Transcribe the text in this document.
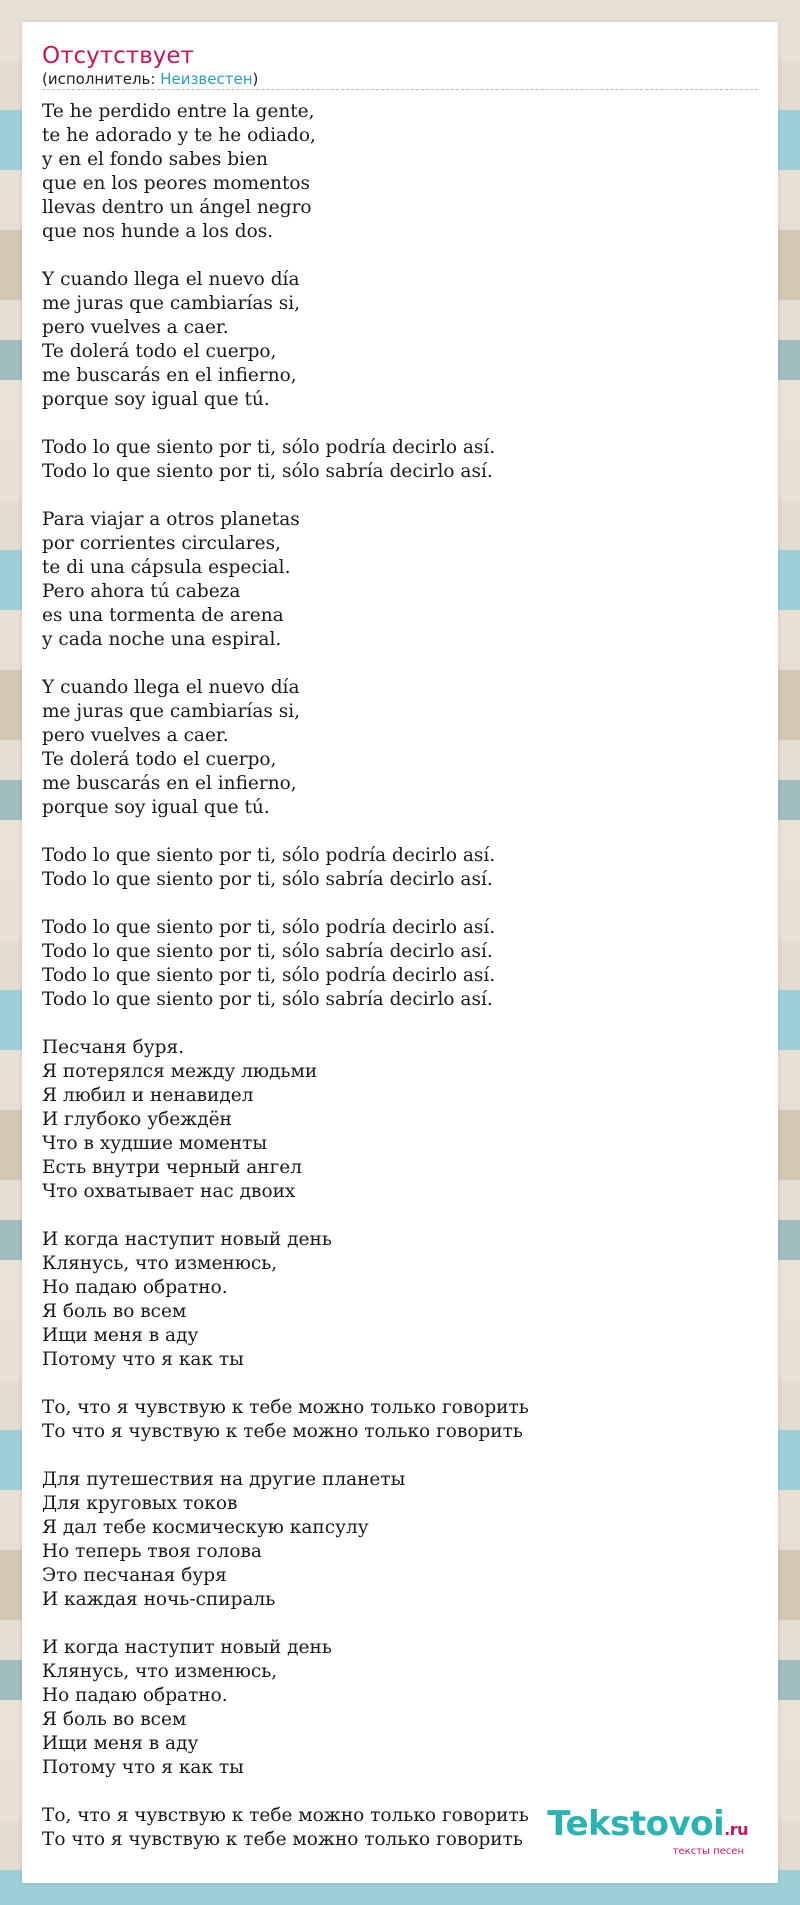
Отсутствует
(исполнитель: Неизвестен)
Te he perdido entre la gente,
te he adorado y te he odiado,
y en el fondo sabes bien
que en los peores momentos
llevas dentro un ángel negro
que nos hunde a los dos.
Y cuando llega el nuevo día
me juras que cambiarías si,
pero vuelves a caer.
Te dolerá todo el cuerpo,
me buscarás en el infierno,
porque soy igual que tú.
Todo lo que siento por ti, sólo podría decirlo así.
Todo lo que siento por ti, sólo sabría decirlo así.
Para viajar a otros planetas
por corrientes circulares,
te di una cápsula especial.
Pero ahora tú cabeza
es una tormenta de arena
y cada noche una espiral.
Y cuando llega el nuevo día
me juras que cambiarías si,
pero vuelves a caer.
Te dolerá todo el cuerpo,
me buscarás en el infierno,
porque soy igual que tú.
Todo lo que siento por ti, sólo podría decirlo así.
Todo lo que siento por ti, sólo sabría decirlo así.
Todo lo que siento por ti, sólo podría decirlo así.
Todo lo que siento por ti, sólo sabría decirlo así.
Todo lo que siento por ti, sólo podría decirlo así.
Todo lo que siento por ti, sólo sabría decirlo así.
Песчаня буря.
Я потерялся между людьми
Я любил и ненавидел
И глубоко убеждён
Что в худшие моменты
Есть внутри черный ангел
Что охватывает нас двоих
И когда наступит новый день
Клянусь, что изменюсь,
Но падаю обратно.
Я боль во всем
Ищи меня в аду
Потому что я как ты
То, что я чувствую к тебе можно только говорить
То что я чувствую к тебе можно только говорить
Для путешествия на другие планеты
Для круговых токов
Я дал тебе космическую капсулу
Но теперь твоя голова
Это песчаная буря
И каждая ночь-спираль
И когда наступит новый день
Клянусь, что изменюсь,
Но падаю обратно.
Я боль во всем
Ищи меня в аду
Потому что я как ты
То, что я чувствую к тебе можно только говорить
То что я чувствую к тебе можно только говорить Tekstovoi.ru
тексты песен
